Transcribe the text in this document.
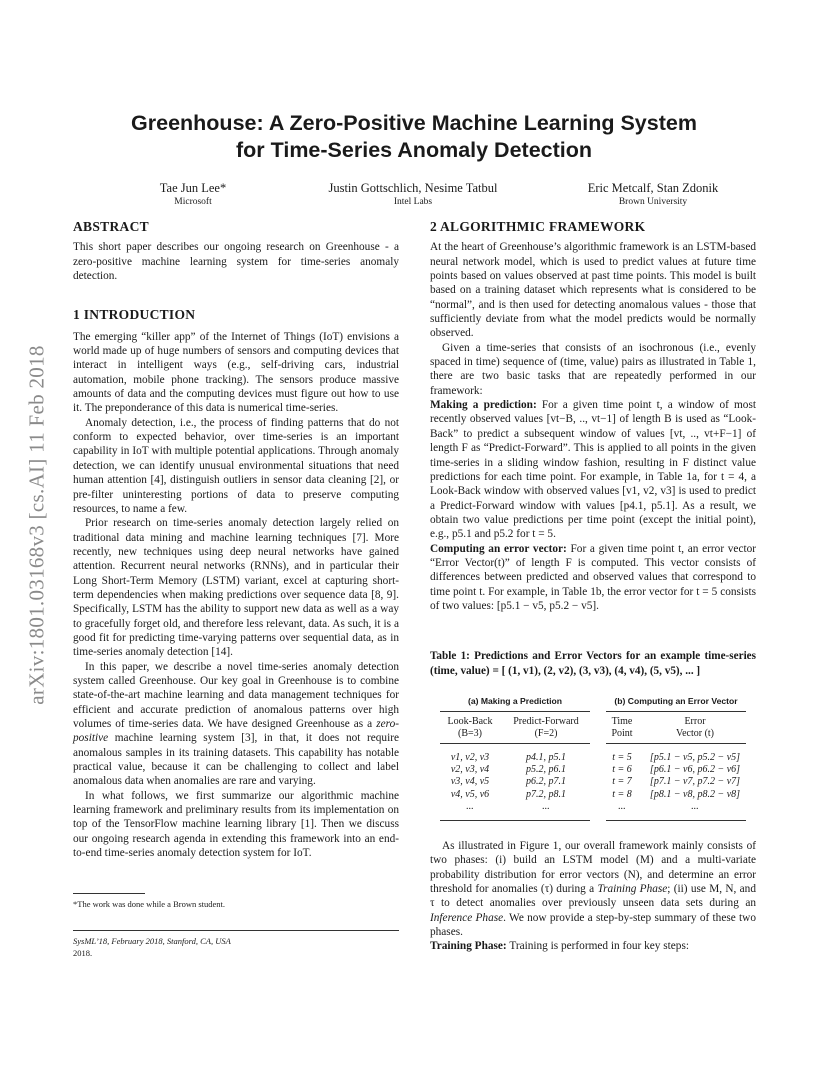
arXiv:1801.03168v3 [cs.AI] 11 Feb 2018
Greenhouse: A Zero-Positive Machine Learning System
for Time-Series Anomaly Detection
Tae Jun Lee*
Microsoft
Justin Gottschlich, Nesime Tatbul
Intel Labs
Eric Metcalf, Stan Zdonik
Brown University
ABSTRACT

This short paper describes our ongoing research on Greenhouse - a zero-positive machine learning system for time-series anomaly detection.

1 INTRODUCTION

The emerging “killer app” of the Internet of Things (IoT) envisions a world made up of huge numbers of sensors and computing devices that interact in intelligent ways (e.g., self-driving cars, industrial automation, mobile phone tracking). The sensors produce massive amounts of data and the computing devices must figure out how to use it. The preponderance of this data is numerical time-series.

Anomaly detection, i.e., the process of finding patterns that do not conform to expected behavior, over time-series is an important capability in IoT with multiple potential applications. Through anomaly detection, we can identify unusual environmental situations that need human attention [4], distinguish outliers in sensor data cleaning [2], or pre-filter uninteresting portions of data to preserve computing resources, to name a few.

Prior research on time-series anomaly detection largely relied on traditional data mining and machine learning techniques [7]. More recently, new techniques using deep neural networks have gained attention. Recurrent neural networks (RNNs), and in particular their Long Short-Term Memory (LSTM) variant, excel at capturing short-term dependencies when making predictions over sequence data [8, 9]. Specifically, LSTM has the ability to support new data as well as a way to gracefully forget old, and therefore less relevant, data. As such, it is a good fit for predicting time-varying patterns over sequential data, as in time-series anomaly detection [14].

In this paper, we describe a novel time-series anomaly detection system called Greenhouse. Our key goal in Greenhouse is to combine state-of-the-art machine learning and data management techniques for efficient and accurate prediction of anomalous patterns over high volumes of time-series data. We have designed Greenhouse as a zero-positive machine learning system [3], in that, it does not require anomalous samples in its training datasets. This capability has notable practical value, because it can be challenging to collect and label anomalous data when anomalies are rare and varying.

In what follows, we first summarize our algorithmic machine learning framework and preliminary results from its implementation on top of the TensorFlow machine learning library [1]. Then we discuss our ongoing research agenda in extending this framework into an end-to-end time-series anomaly detection system for IoT.

*The work was done while a Brown student.
SysML’18, February 2018, Stanford, CA, USA
2018.
2 ALGORITHMIC FRAMEWORK

At the heart of Greenhouse’s algorithmic framework is an LSTM-based neural network model, which is used to predict values at future time points based on values observed at past time points. This model is built based on a training dataset which represents what is considered to be “normal”, and is then used for detecting anomalous values - those that sufficiently deviate from what the model predicts would be normally observed.

Given a time-series that consists of an isochronous (i.e., evenly spaced in time) sequence of (time, value) pairs as illustrated in Table 1, there are two basic tasks that are repeatedly performed in our framework:

Making a prediction: For a given time point t, a window of most recently observed values [vt−B, .., vt−1] of length B is used as “Look-Back” to predict a subsequent window of values [vt, .., vt+F−1] of length F as “Predict-Forward”. This is applied to all points in the given time-series in a sliding window fashion, resulting in F distinct value predictions for each time point. For example, in Table 1a, for t = 4, a Look-Back window with observed values [v1, v2, v3] is used to predict a Predict-Forward window with values [p4.1, p5.1]. As a result, we obtain two value predictions per time point (except the initial point), e.g., p5.1 and p5.2 for t = 5.

Computing an error vector: For a given time point t, an error vector “Error Vector(t)” of length F is computed. This vector consists of differences between predicted and observed values that correspond to time point t. For example, in Table 1b, the error vector for t = 5 consists of two values: [p5.1 − v5, p5.2 − v5].

Table 1: Predictions and Error Vectors for an example time-series (time, value) = [ (1, v1), (2, v2), (3, v3), (4, v4), (5, v5), ... ]
(a) Making a Prediction	(b) Computing an Error Vector
Look-Back
(B=3)
Predict-Forward
(F=2)
v1, v2, v3	p4.1, p5.1
v2, v3, v4	p5.2, p6.1
v3, v4, v5	p6.2, p7.1
v4, v5, v6	p7.2, p8.1
...	...
Time
Point
Error
Vector (t)
t = 5	[p5.1 − v5, p5.2 − v5]
t = 6	[p6.1 − v6, p6.2 − v6]
t = 7	[p7.1 − v7, p7.2 − v7]
t = 8	[p8.1 − v8, p8.2 − v8]
...	...

As illustrated in Figure 1, our overall framework mainly consists of two phases: (i) build an LSTM model (M) and a multi-variate probability distribution for error vectors (N), and determine an error threshold for anomalies (τ) during a Training Phase; (ii) use M, N, and τ to detect anomalies over previously unseen data sets during an Inference Phase. We now provide a step-by-step summary of these two phases.

Training Phase: Training is performed in four key steps:
